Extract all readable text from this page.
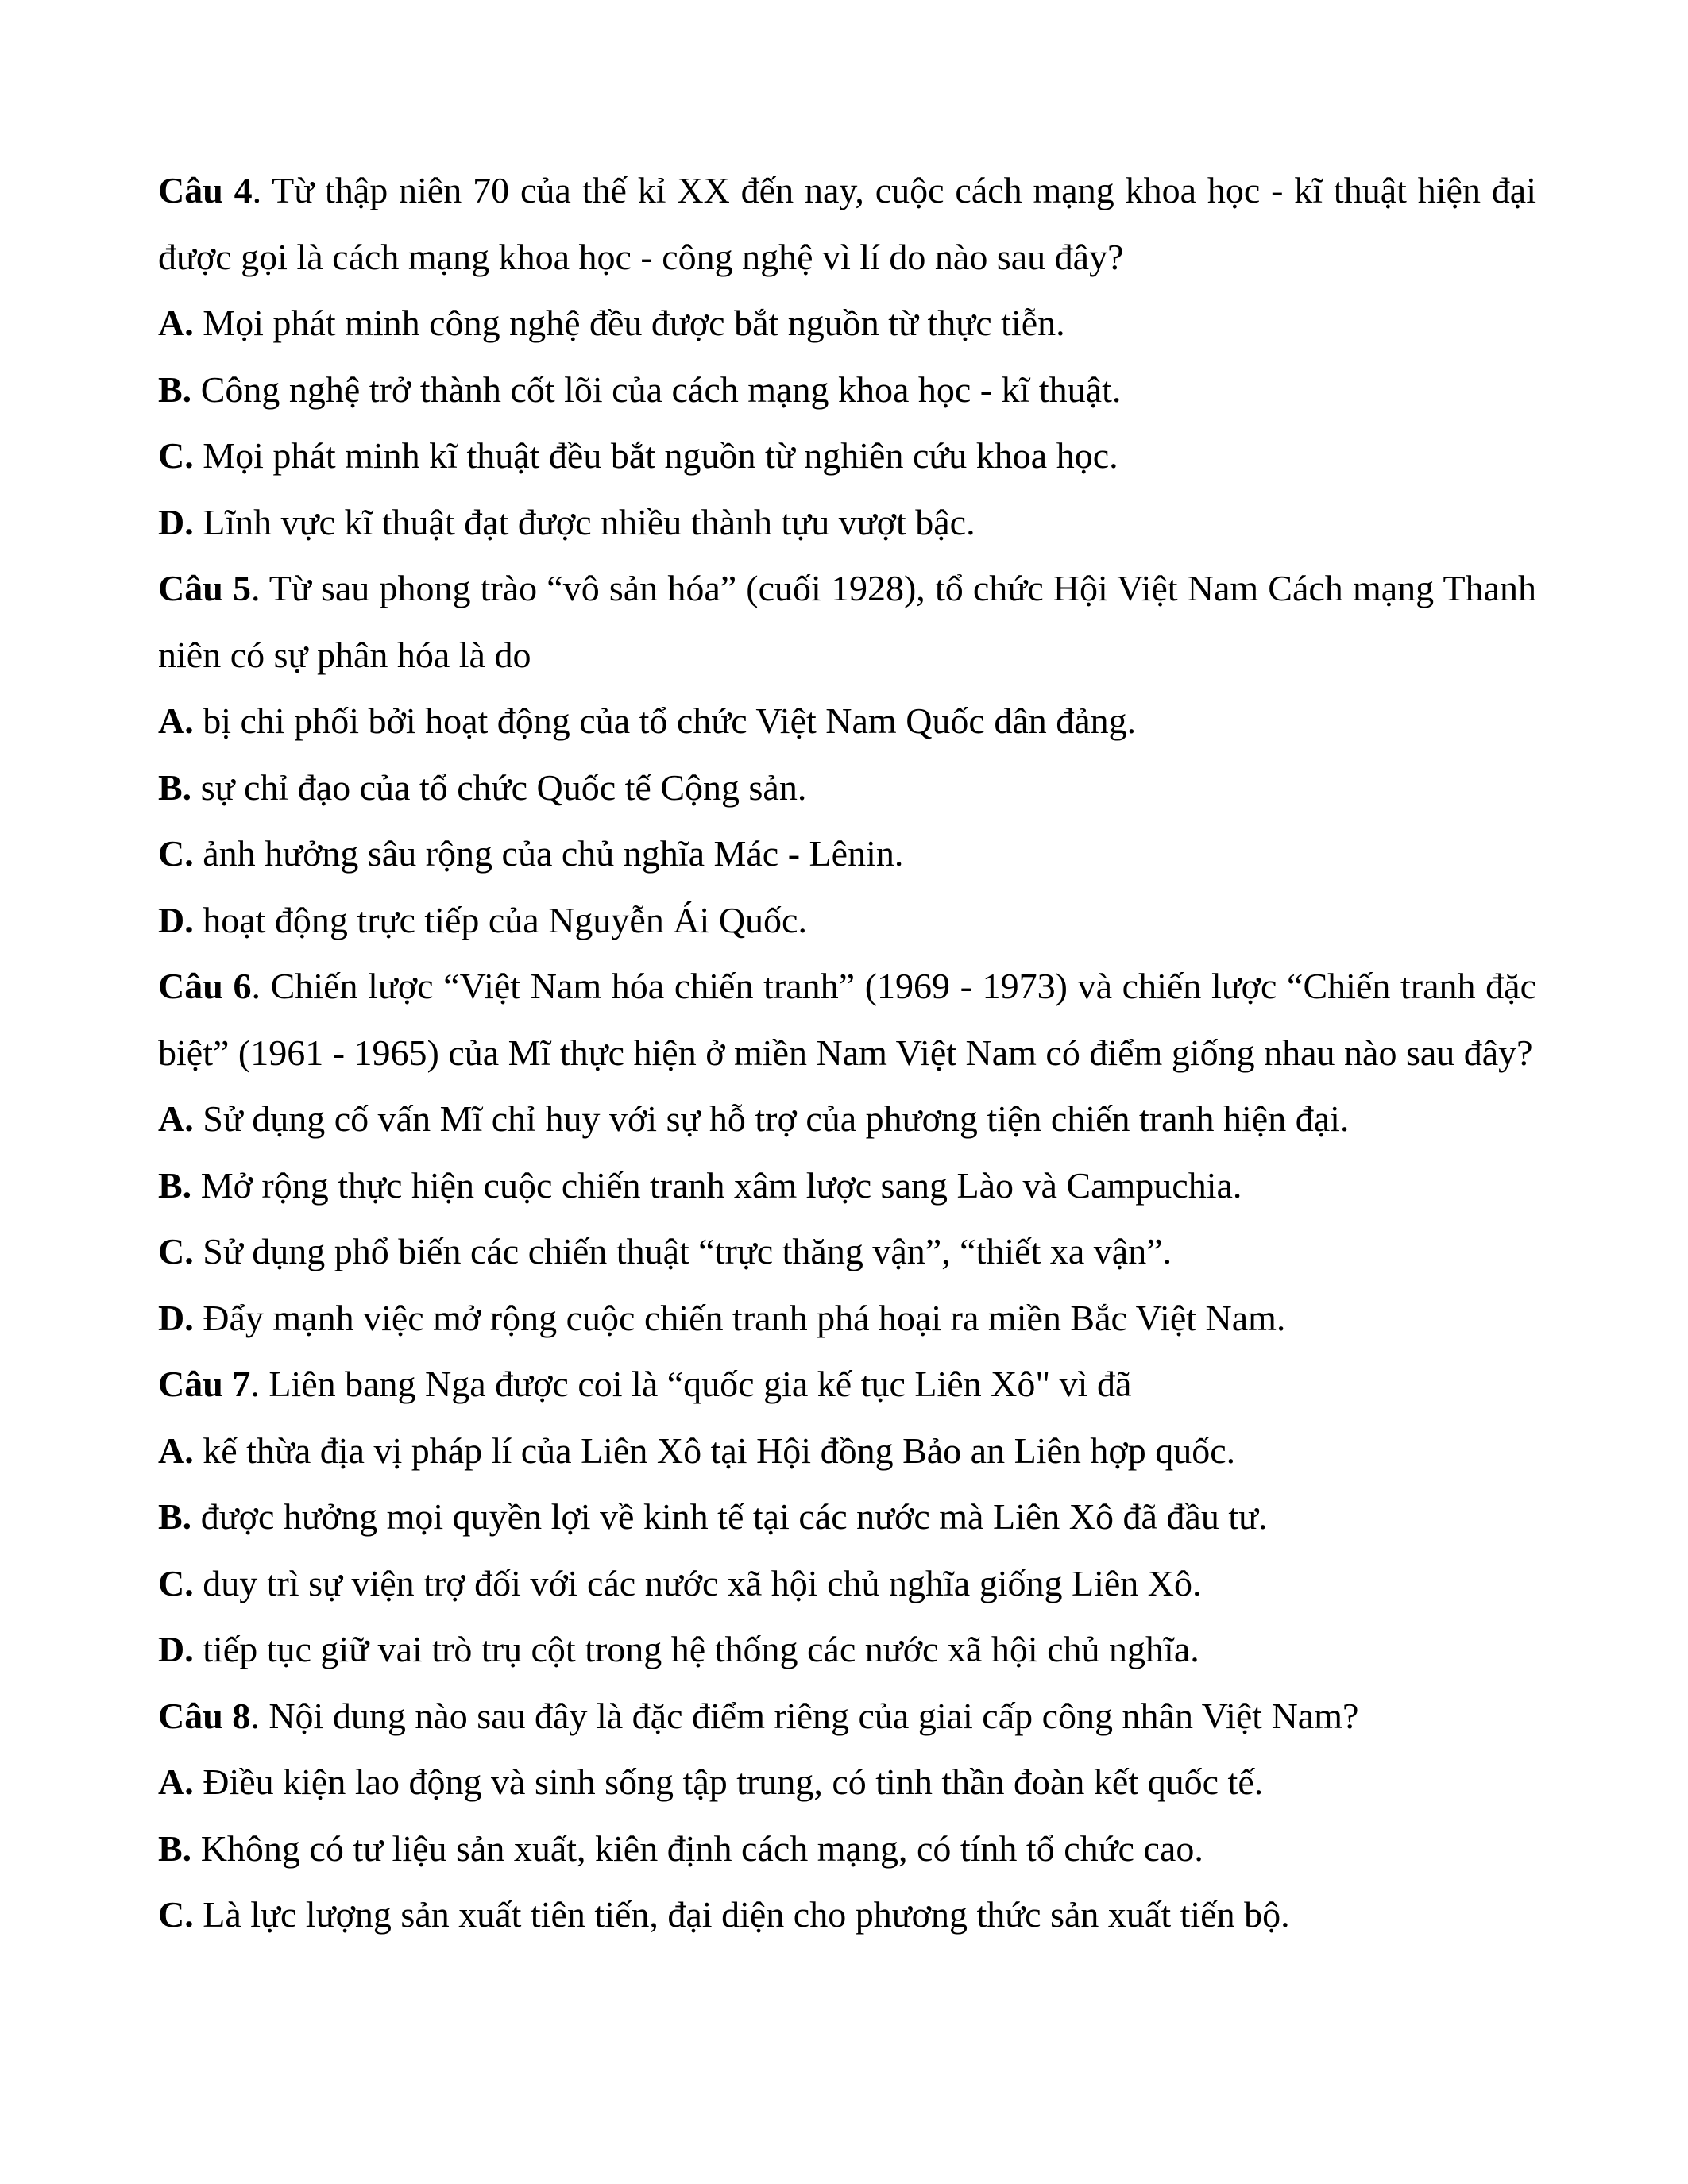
Câu 4. Từ thập niên 70 của thế kỉ XX đến nay, cuộc cách mạng khoa học - kĩ thuật hiện đại được gọi là cách mạng khoa học - công nghệ vì lí do nào sau đây?

A. Mọi phát minh công nghệ đều được bắt nguồn từ thực tiễn.

B. Công nghệ trở thành cốt lõi của cách mạng khoa học - kĩ thuật.

C. Mọi phát minh kĩ thuật đều bắt nguồn từ nghiên cứu khoa học.

D. Lĩnh vực kĩ thuật đạt được nhiều thành tựu vượt bậc.

Câu 5. Từ sau phong trào “vô sản hóa” (cuối 1928), tổ chức Hội Việt Nam Cách mạng Thanh niên có sự phân hóa là do

A. bị chi phối bởi hoạt động của tổ chức Việt Nam Quốc dân đảng.

B. sự chỉ đạo của tổ chức Quốc tế Cộng sản.

C. ảnh hưởng sâu rộng của chủ nghĩa Mác - Lênin.

D. hoạt động trực tiếp của Nguyễn Ái Quốc.

Câu 6. Chiến lược “Việt Nam hóa chiến tranh” (1969 - 1973) và chiến lược “Chiến tranh đặc biệt” (1961 - 1965) của Mĩ thực hiện ở miền Nam Việt Nam có điểm giống nhau nào sau đây?

A. Sử dụng cố vấn Mĩ chỉ huy với sự hỗ trợ của phương tiện chiến tranh hiện đại.

B. Mở rộng thực hiện cuộc chiến tranh xâm lược sang Lào và Campuchia.

C. Sử dụng phổ biến các chiến thuật “trực thăng vận”, “thiết xa vận”.

D. Đẩy mạnh việc mở rộng cuộc chiến tranh phá hoại ra miền Bắc Việt Nam.

Câu 7. Liên bang Nga được coi là “quốc gia kế tục Liên Xô" vì đã

A. kế thừa địa vị pháp lí của Liên Xô tại Hội đồng Bảo an Liên hợp quốc.

B. được hưởng mọi quyền lợi về kinh tế tại các nước mà Liên Xô đã đầu tư.

C. duy trì sự viện trợ đối với các nước xã hội chủ nghĩa giống Liên Xô.

D. tiếp tục giữ vai trò trụ cột trong hệ thống các nước xã hội chủ nghĩa.

Câu 8. Nội dung nào sau đây là đặc điểm riêng của giai cấp công nhân Việt Nam?

A. Điều kiện lao động và sinh sống tập trung, có tinh thần đoàn kết quốc tế.

B. Không có tư liệu sản xuất, kiên định cách mạng, có tính tổ chức cao.

C. Là lực lượng sản xuất tiên tiến, đại diện cho phương thức sản xuất tiến bộ.
